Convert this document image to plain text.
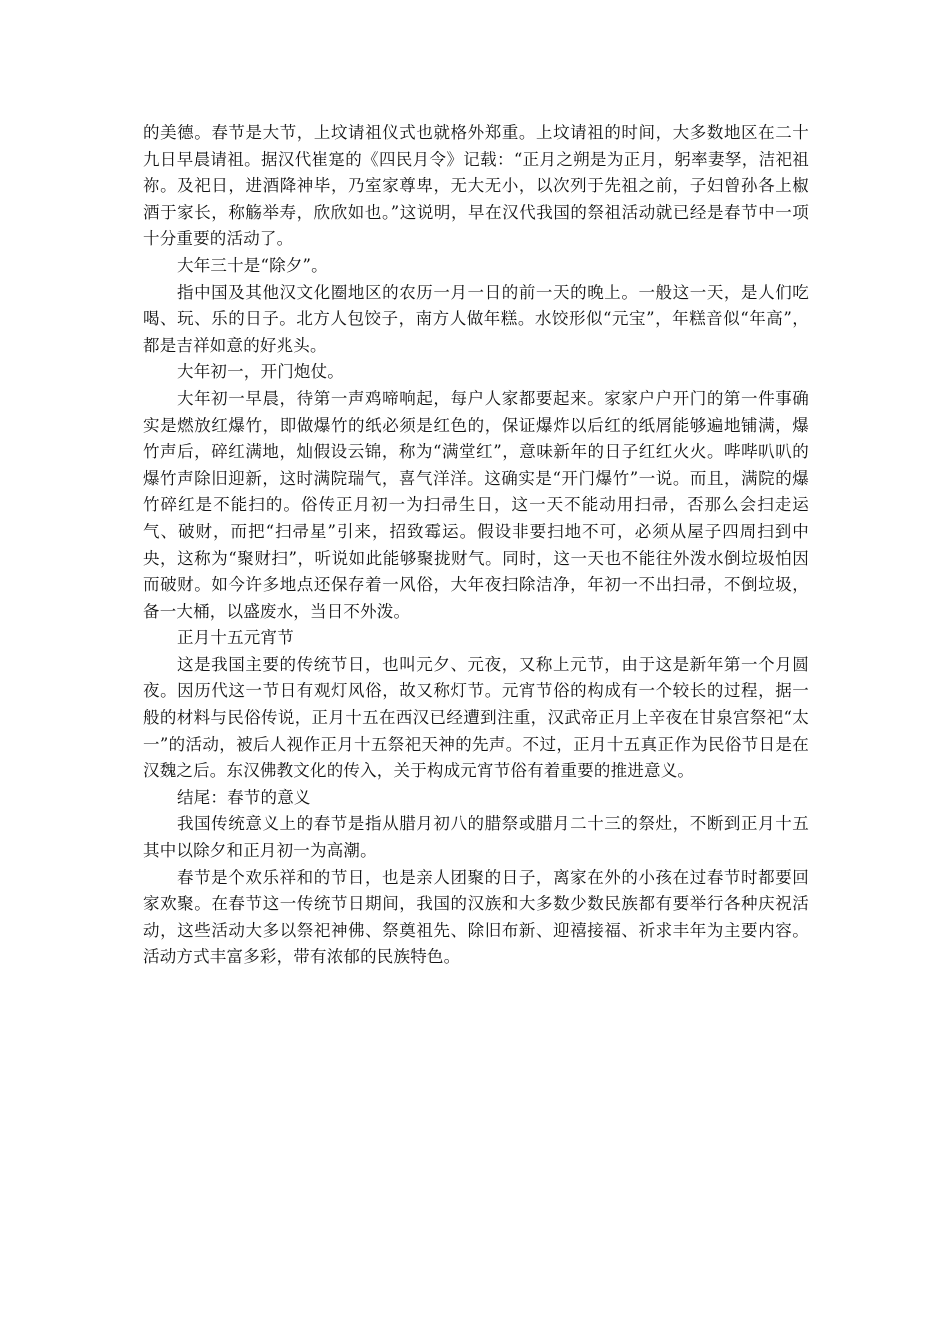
的美德。春节是大节，上坟请祖仪式也就格外郑重。上坟请祖的时间，大多数地区在二十九日早晨请祖。据汉代崔寔的《四民月令》记载：“正月之朔是为正月，躬率妻孥，洁祀祖祢。及祀日，进酒降神毕，乃室家尊卑，无大无小，以次列于先祖之前，子妇曾孙各上椒酒于家长，称觞举寿，欣欣如也。”这说明，早在汉代我国的祭祖活动就已经是春节中一项十分重要的活动了。

大年三十是“除夕”。

指中国及其他汉文化圈地区的农历一月一日的前一天的晚上。一般这一天，是人们吃喝、玩、乐的日子。北方人包饺子，南方人做年糕。水饺形似“元宝”，年糕音似“年高”，都是吉祥如意的好兆头。

大年初一，开门炮仗。

大年初一早晨，待第一声鸡啼响起，每户人家都要起来。家家户户开门的第一件事确实是燃放红爆竹，即做爆竹的纸必须是红色的，保证爆炸以后红的纸屑能够遍地铺满，爆竹声后，碎红满地，灿假设云锦，称为“满堂红”，意味新年的日子红红火火。哔哔叭叭的爆竹声除旧迎新，这时满院瑞气，喜气洋洋。这确实是“开门爆竹”一说。而且，满院的爆竹碎红是不能扫的。俗传正月初一为扫帚生日，这一天不能动用扫帚，否那么会扫走运气、破财，而把“扫帚星”引来，招致霉运。假设非要扫地不可，必须从屋子四周扫到中央，这称为“聚财扫”，听说如此能够聚拢财气。同时，这一天也不能往外泼水倒垃圾怕因而破财。如今许多地点还保存着一风俗，大年夜扫除洁净，年初一不出扫帚，不倒垃圾，备一大桶，以盛废水，当日不外泼。

正月十五元宵节

这是我国主要的传统节日，也叫元夕、元夜，又称上元节，由于这是新年第一个月圆夜。因历代这一节日有观灯风俗，故又称灯节。元宵节俗的构成有一个较长的过程，据一般的材料与民俗传说，正月十五在西汉已经遭到注重，汉武帝正月上辛夜在甘泉宫祭祀“太一”的活动，被后人视作正月十五祭祀天神的先声。不过，正月十五真正作为民俗节日是在汉魏之后。东汉佛教文化的传入，关于构成元宵节俗有着重要的推进意义。

结尾：春节的意义

我国传统意义上的春节是指从腊月初八的腊祭或腊月二十三的祭灶，不断到正月十五其中以除夕和正月初一为高潮。

春节是个欢乐祥和的节日，也是亲人团聚的日子，离家在外的小孩在过春节时都要回家欢聚。在春节这一传统节日期间，我国的汉族和大多数少数民族都有要举行各种庆祝活动，这些活动大多以祭祀神佛、祭奠祖先、除旧布新、迎禧接福、祈求丰年为主要内容。活动方式丰富多彩，带有浓郁的民族特色。
